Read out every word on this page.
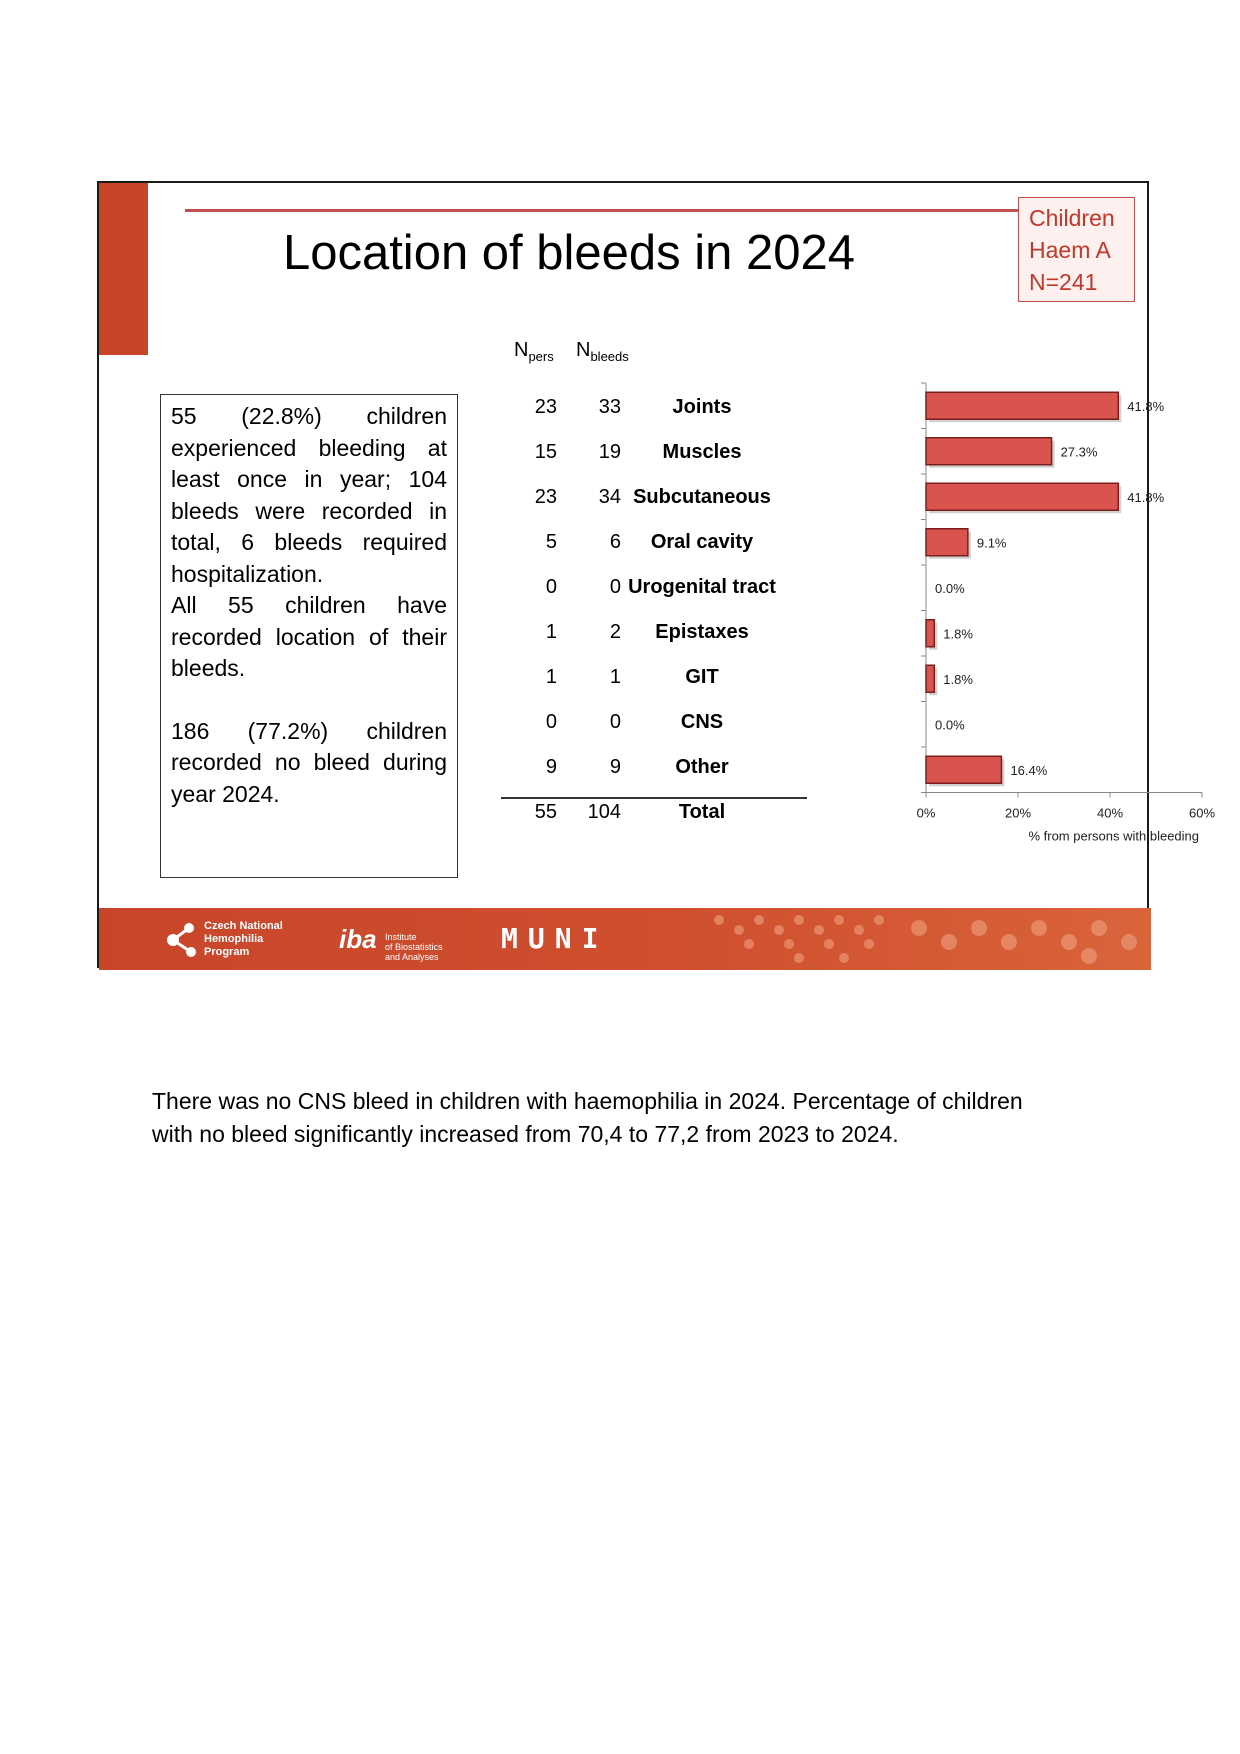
Location of bleeds in 2024
Children
Haem A
N=241

55 (22.8%) children experienced bleeding at least once in year; 104 bleeds were recorded in total, 6 bleeds required hospitalization.

All 55 children have recorded location of their bleeds.

186 (77.2%) children recorded no bleed during year 2024.

$N_{pers}$ $N_{bleeds}$
23	33	Joints
15	19	Muscles
23	34 Subcutaneous
5	6	Oral cavity
0	0 Urogenital tract
1	2	Epistaxes
1	1	GIT
0	0	CNS
9	9	Other
55	104	Total	0%	20%	40%	60%
% from persons with bleeding
41.8%
27.3%
41.8%
9.1%
0.0%
1.8%
1.8%
0.0%
16.4%
Czech National
Hemophilia
Program	iba Institute
of Biostatistics
and Analyses
MUNI

There was no CNS bleed in children with haemophilia in 2024. Percentage of children

with no bleed significantly increased from 70,4 to 77,2 from 2023 to 2024.
